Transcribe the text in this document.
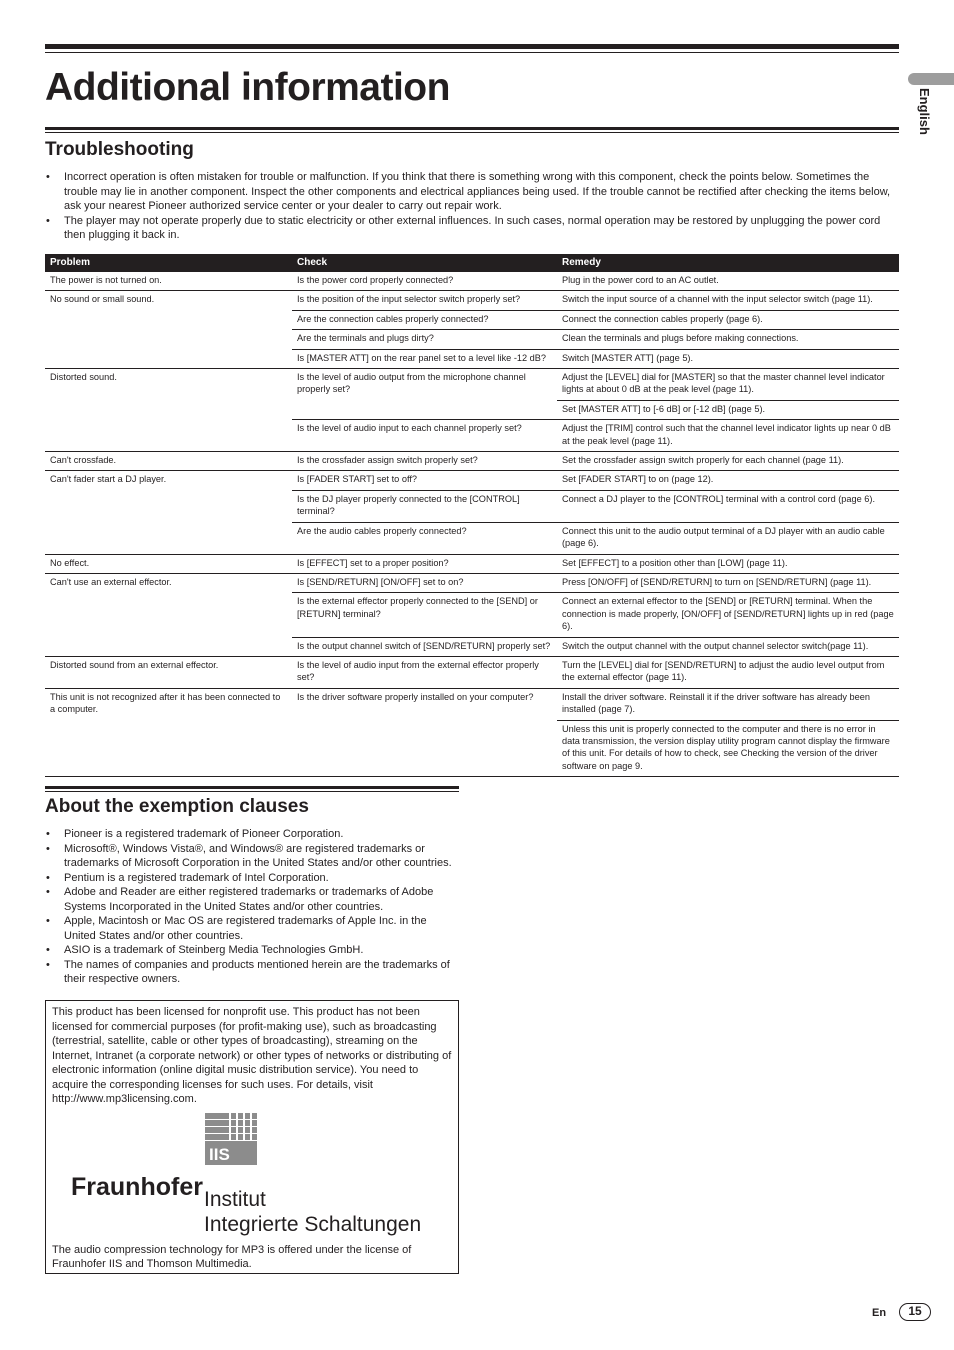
Additional information
English
Troubleshooting
• Incorrect operation is often mistaken for trouble or malfunction. If you think that there is something wrong with this component, check the points below. Sometimes the trouble may lie in another component. Inspect the other components and electrical appliances being used. If the trouble cannot be rectified after checking the items below, ask your nearest Pioneer authorized service center or your dealer to carry out repair work.
• The player may not operate properly due to static electricity or other external influences. In such cases, normal operation may be restored by unplugging the power cord then plugging it back in.
Problem	Check	Remedy
The power is not turned on.	Is the power cord properly connected?	Plug in the power cord to an AC outlet.
No sound or small sound.	Is the position of the input selector switch properly set?	Switch the input source of a channel with the input selector switch (page 11).
	Are the connection cables properly connected?	Connect the connection cables properly (page 6).
	Are the terminals and plugs dirty?	Clean the terminals and plugs before making connections.
	Is [MASTER ATT] on the rear panel set to a level like -12 dB?	Switch [MASTER ATT] (page 5).
Distorted sound.	Is the level of audio output from the microphone channel properly set?	Adjust the [LEVEL] dial for [MASTER] so that the master channel level indicator lights at about 0 dB at the peak level (page 11).
		Set [MASTER ATT] to [-6 dB] or [-12 dB] (page 5).
	Is the level of audio input to each channel properly set?	Adjust the [TRIM] control such that the channel level indicator lights up near 0 dB at the peak level (page 11).
Can't crossfade.	Is the crossfader assign switch properly set?	Set the crossfader assign switch properly for each channel (page 11).
Can't fader start a DJ player.	Is [FADER START] set to off?	Set [FADER START] to on (page 12).
	Is the DJ player properly connected to the [CONTROL] terminal?	Connect a DJ player to the [CONTROL] terminal with a control cord (page 6).
	Are the audio cables properly connected?	Connect this unit to the audio output terminal of a DJ player with an audio cable (page 6).
No effect.	Is [EFFECT] set to a proper position?	Set [EFFECT] to a position other than [LOW] (page 11).
Can't use an external effector.	Is [SEND/RETURN] [ON/OFF] set to on?	Press [ON/OFF] of [SEND/RETURN] to turn on [SEND/RETURN] (page 11).
	Is the external effector properly connected to the [SEND] or [RETURN] terminal?	Connect an external effector to the [SEND] or [RETURN] terminal. When the connection is made properly, [ON/OFF] of [SEND/RETURN] lights up in red (page 6).
	Is the output channel switch of [SEND/RETURN] properly set?	Switch the output channel with the output channel selector switch(page 11).
Distorted sound from an external effector.	Is the level of audio input from the external effector properly set?	Turn the [LEVEL] dial for [SEND/RETURN] to adjust the audio level output from the external effector (page 11).
This unit is not recognized after it has been connected to a computer.	Is the driver software properly installed on your computer?	Install the driver software. Reinstall it if the driver software has already been installed (page 7).
		Unless this unit is properly connected to the computer and there is no error in data transmission, the version display utility program cannot display the firmware of this unit. For details of how to check, see Checking the version of the driver software on page 9.
About the exemption clauses
• Pioneer is a registered trademark of Pioneer Corporation.
• Microsoft®, Windows Vista®, and Windows® are registered trademarks or trademarks of Microsoft Corporation in the United States and/or other countries.
• Pentium is a registered trademark of Intel Corporation.
• Adobe and Reader are either registered trademarks or trademarks of Adobe Systems Incorporated in the United States and/or other countries.
• Apple, Macintosh or Mac OS are registered trademarks of Apple Inc. in the United States and/or other countries.
• ASIO is a trademark of Steinberg Media Technologies GmbH.
• The names of companies and products mentioned herein are the trademarks of their respective owners.
This product has been licensed for nonprofit use. This product has not been licensed for commercial purposes (for profit-making use), such as broadcasting (terrestrial, satellite, cable or other types of broadcasting), streaming on the Internet, Intranet (a corporate network) or other types of networks or distributing of electronic information (online digital music distribution service). You need to acquire the corresponding licenses for such uses. For details, visit http://www.mp3licensing.com.
IIS
Fraunhofer Institut
Integrierte Schaltungen
The audio compression technology for MP3 is offered under the license of Fraunhofer IIS and Thomson Multimedia.
En	15
